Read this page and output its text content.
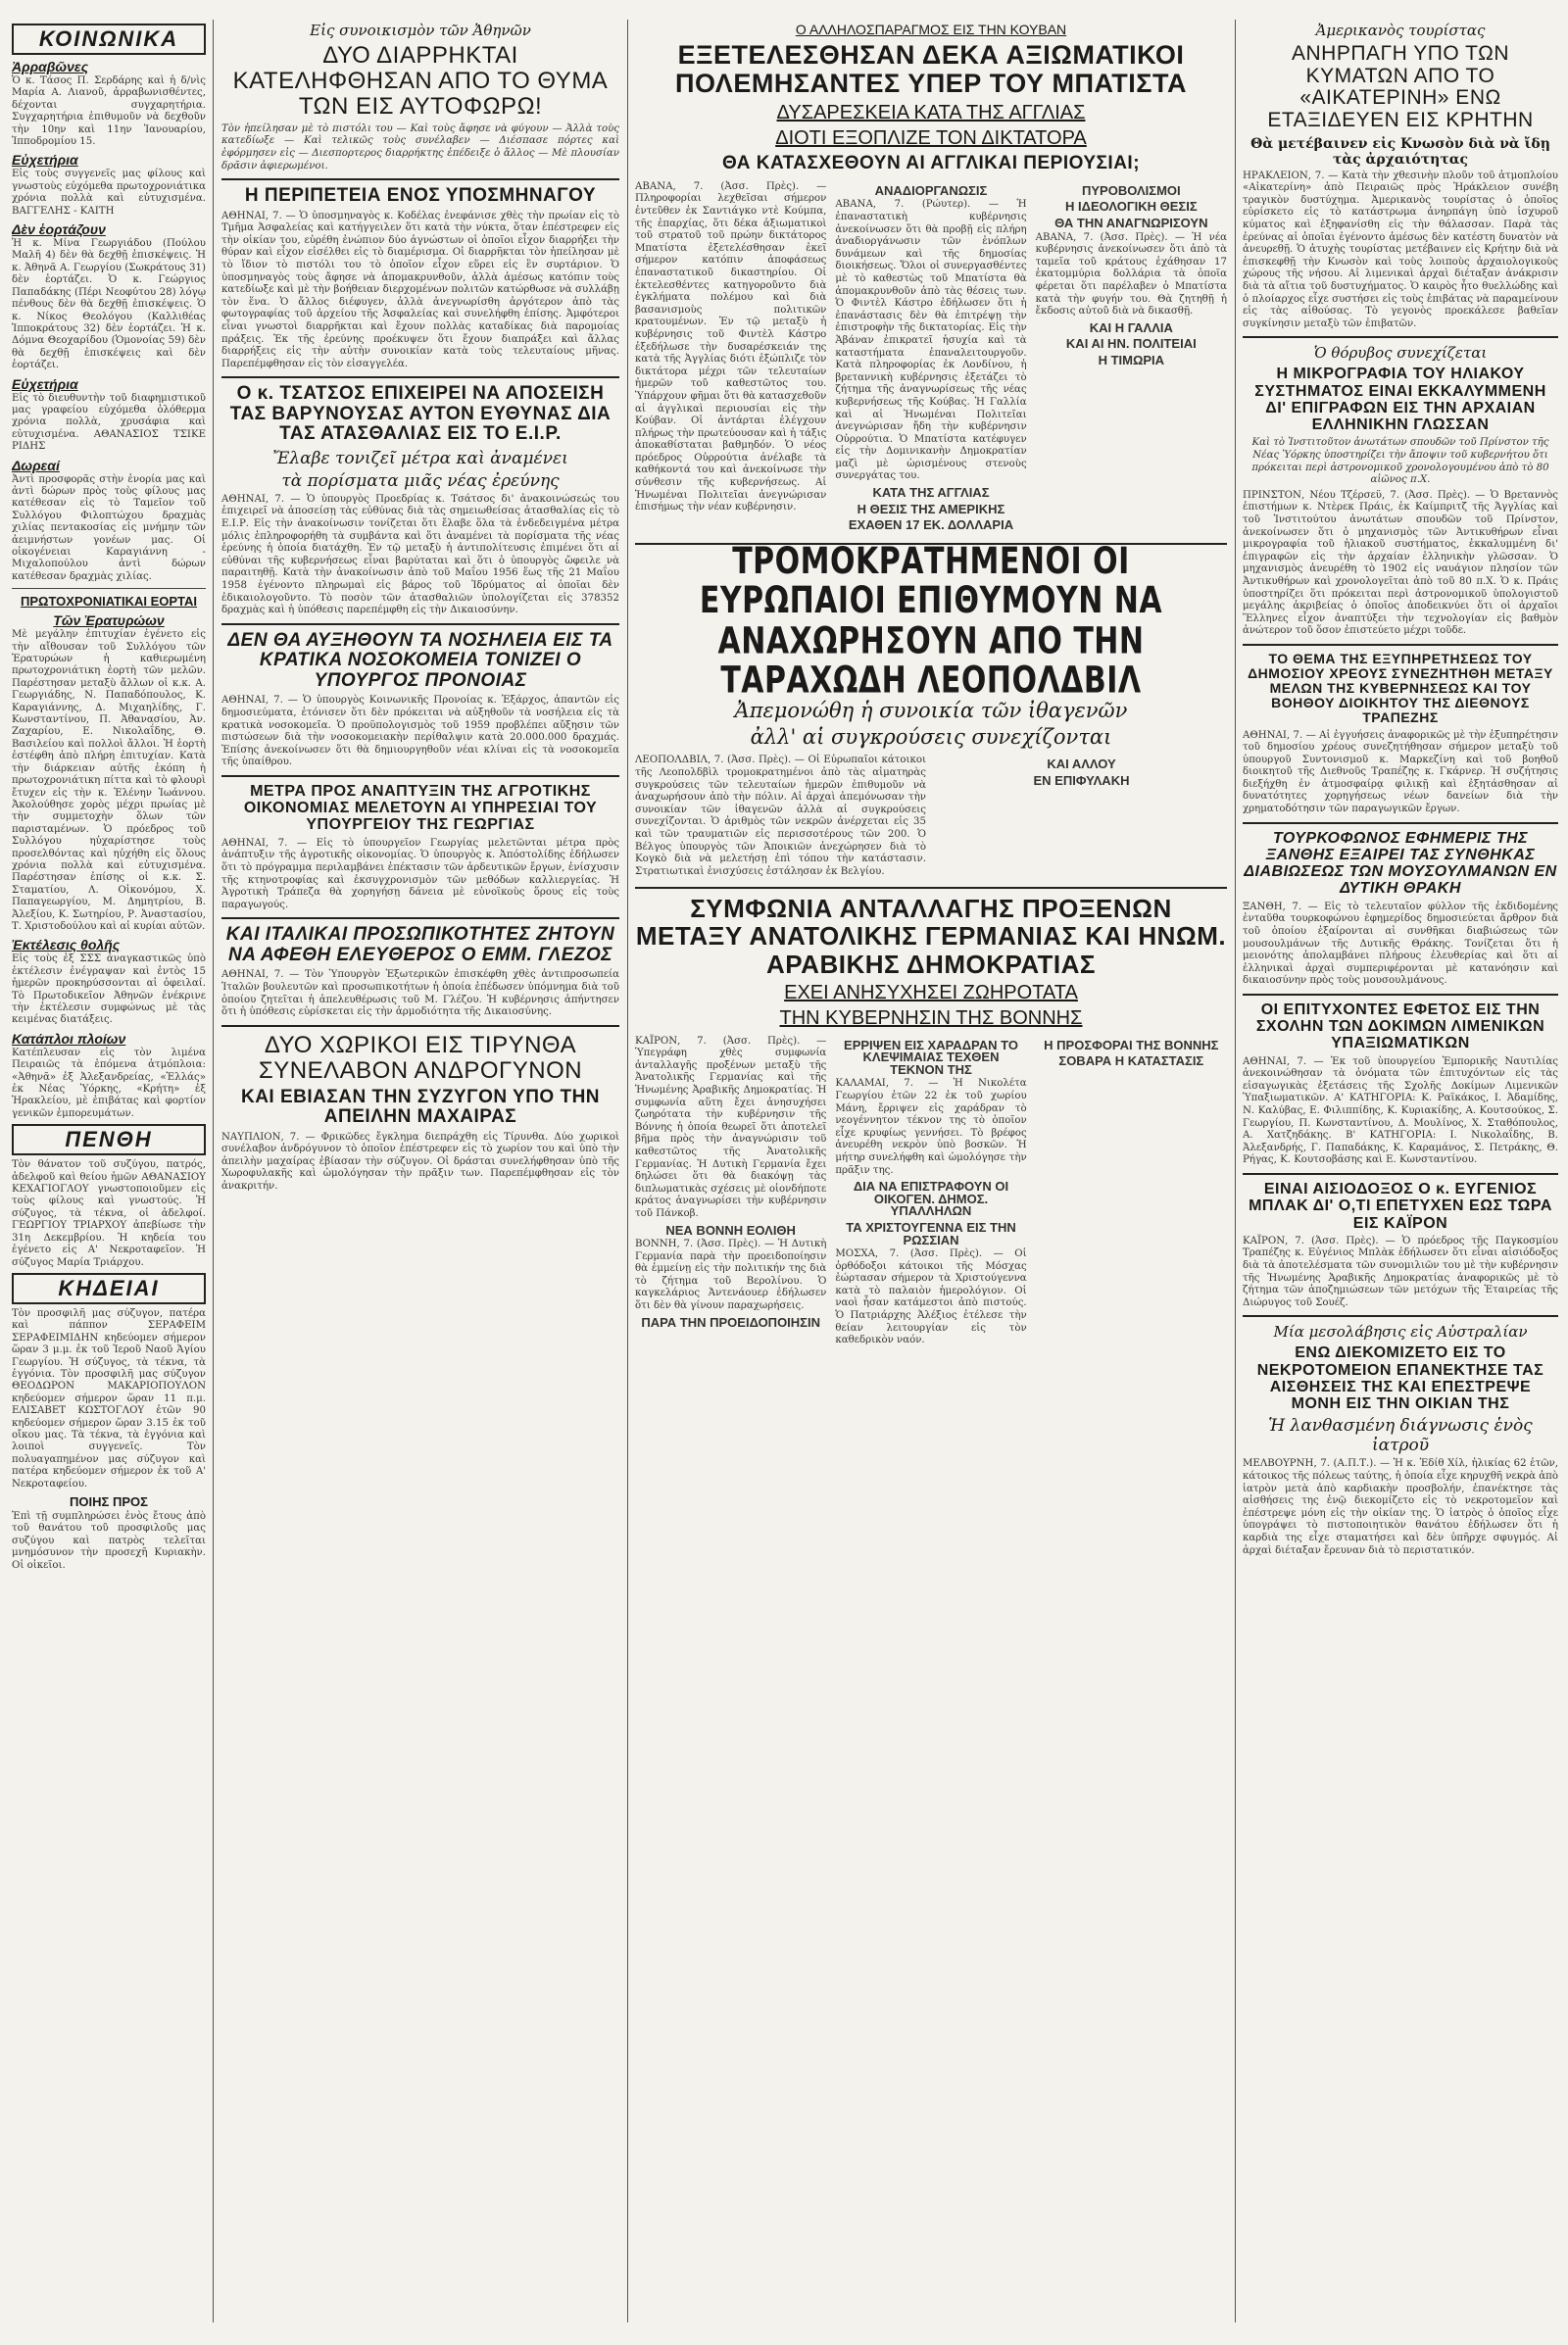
ΚΟΙΝΩΝΙΚΑ
Ἀρραβῶνες
Ὁ κ. Τάσος Π. Σερδάρης καὶ ἡ δ/νὶς Μαρία Α. Λιανοῦ, ἀρραβωνισθέντες, δέχονται συγχαρητήρια. Συγχαρητήρια ἐπιθυμοῦν νὰ δεχθοῦν τὴν 10ην καὶ 11ην Ἰανουαρίου, Ἰπποδρομίου 15.
Εὐχετήρια
Εἰς τοὺς συγγενεῖς μας φίλους καὶ γνωστοὺς εὐχόμεθα πρωτοχρονιάτικα χρόνια πολλὰ καὶ εὐτυχισμένα. ΒΑΓΓΕΛΗΣ - ΚΑΙΤΗ
Δὲν ἑορτάζουν
Ἡ κ. Μίνα Γεωργιάδου (Πούλου Μαλῆ 4) δὲν θὰ δεχθῇ ἐπισκέψεις. Ἡ κ. Ἀθηνᾶ Α. Γεωργίου (Σωκράτους 31) δὲν ἑορτάζει. Ὁ κ. Γεώργιος Παπαδάκης (Πέρι Νεοφύτου 28) λόγῳ πένθους δὲν θὰ δεχθῇ ἐπισκέψεις. Ὁ κ. Νίκος Θεολόγου (Καλλιθέας Ἱπποκράτους 32) δὲν ἑορτάζει. Ἡ κ. Δόμνα Θεοχαρίδου (Ὁμονοίας 59) δὲν θὰ δεχθῇ ἐπισκέψεις καὶ δὲν ἑορτάζει.
Εὐχετήρια
Εἰς τὸ διευθυντὴν τοῦ διαφημιστικοῦ μας γραφείου εὐχόμεθα ὁλόθερμα χρόνια πολλὰ, χρυσάφια καὶ εὐτυχισμένα. ΑΘΑΝΑΣΙΟΣ ΤΣΙΚΕ ΡΙΔΗΣ
Δωρεαί
Ἀντὶ προσφορᾶς στὴν ἐνορία μας καὶ ἀντὶ δώρων πρὸς τοὺς φίλους μας κατέθεσαν εἰς τὸ Ταμεῖον τοῦ Συλλόγου Φιλοπτώχου δραχμὰς χιλίας πεντακοσίας εἰς μνήμην τῶν ἀειμνήστων γονέων μας. Οἱ οἰκογένειαι Καραγιάννη - Μιχαλοπούλου ἀντὶ δώρων κατέθεσαν δραχμὰς χιλίας.
ΠΡΩΤΟΧΡΟΝΙΑΤΙΚΑΙ ΕΟΡΤΑΙ
Τῶν Ἐρατυρώων
Μὲ μεγάλην ἐπιτυχίαν ἐγένετο εἰς τὴν αἴθουσαν τοῦ Συλλόγου τῶν Ἐρατυρώων ἡ καθιερωμένη πρωτοχρονιάτικη ἑορτὴ τῶν μελῶν. Παρέστησαν μεταξὺ ἄλλων οἱ κ.κ. Α. Γεωργιάδης, Ν. Παπαδόπουλος, Κ. Καραγιάννης, Δ. Μιχαηλίδης, Γ. Κωνσταντίνου, Π. Ἀθανασίου, Ἀν. Ζαχαρίου, Ε. Νικολαΐδης, Θ. Βασιλείου καὶ πολλοὶ ἄλλοι. Ἡ ἑορτὴ ἐστέφθη ἀπὸ πλήρη ἐπιτυχίαν. Κατὰ τὴν διάρκειαν αὐτῆς ἐκόπη ἡ πρωτοχρονιάτικη πίττα καὶ τὸ φλουρὶ ἔτυχεν εἰς τὴν κ. Ἑλένην Ἰωάννου. Ἀκολούθησε χορὸς μέχρι πρωίας μὲ τὴν συμμετοχὴν ὅλων τῶν παρισταμένων. Ὁ πρόεδρος τοῦ Συλλόγου ηὐχαρίστησε τοὺς προσελθόντας καὶ ηὐχήθη εἰς ὅλους χρόνια πολλὰ καὶ εὐτυχισμένα. Παρέστησαν ἐπίσης οἱ κ.κ. Σ. Σταματίου, Λ. Οἰκονόμου, Χ. Παπαγεωργίου, Μ. Δημητρίου, Β. Ἀλεξίου, Κ. Σωτηρίου, Ρ. Ἀναστασίου, Τ. Χριστοδούλου καὶ αἱ κυρίαι αὐτῶν.
Ἐκτέλεσις θολῆς
Εἰς τοὺς ἐξ ΣΣΣ ἀναγκαστικῶς ὑπὸ ἐκτέλεσιν ἐνέγραψαν καὶ ἐντὸς 15 ἡμερῶν προκηρύσσονται αἱ ὀφειλαί. Τὸ Πρωτοδικεῖον Ἀθηνῶν ἐνέκρινε τὴν ἐκτέλεσιν συμφώνως μὲ τὰς κειμένας διατάξεις.
Κατάπλοι πλοίων
Κατέπλευσαν εἰς τὸν λιμένα Πειραιῶς τὰ ἑπόμενα ἀτμόπλοια: «Ἀθηνᾶ» ἐξ Ἀλεξανδρείας, «Ἑλλάς» ἐκ Νέας Ὑόρκης, «Κρήτη» ἐξ Ἡρακλείου, μὲ ἐπιβάτας καὶ φορτίον γενικῶν ἐμπορευμάτων.
ΠΕΝΘΗ
Τὸν θάνατον τοῦ συζύγου, πατρός, ἀδελφοῦ καὶ θείου ἡμῶν ΑΘΑΝΑΣΙΟΥ ΚΕΧΑΓΙΟΓΛΟΥ γνωστοποιοῦμεν εἰς τοὺς φίλους καὶ γνωστούς. Ἡ σύζυγος, τὰ τέκνα, οἱ ἀδελφοί. ΓΕΩΡΓΙΟΥ ΤΡΙΑΡΧΟΥ ἀπεβίωσε τὴν 31η Δεκεμβρίου. Ἡ κηδεία του ἐγένετο εἰς Α' Νεκροταφεῖον. Ἡ σύζυγος Μαρία Τριάρχου.
ΚΗΔΕΙΑΙ
Τὸν προσφιλῆ μας σύζυγον, πατέρα καὶ πάππον ΣΕΡΑΦΕΙΜ ΣΕΡΑΦΕΙΜΙΔΗΝ κηδεύομεν σήμερον ὥραν 3 μ.μ. ἐκ τοῦ Ἱεροῦ Ναοῦ Ἁγίου Γεωργίου. Ἡ σύζυγος, τὰ τέκνα, τὰ ἐγγόνια. Τὸν προσφιλῆ μας σύζυγον ΘΕΟΔΩΡΟΝ ΜΑΚΑΡΙΟΠΟΥΛΟΝ κηδεύομεν σήμερον ὥραν 11 π.μ. ΕΛΙΣΑΒΕΤ ΚΩΣΤΟΓΛΟΥ ἐτῶν 90 κηδεύομεν σήμερον ὥραν 3.15 ἐκ τοῦ οἴκου μας. Τὰ τέκνα, τὰ ἐγγόνια καὶ λοιποὶ συγγενεῖς. Τὸν πολυαγαπημένον μας σύζυγον καὶ πατέρα κηδεύομεν σήμερον ἐκ τοῦ Α' Νεκροταφείου.
ΠΟΙΗΣ ΠΡΟΣ
Ἐπὶ τῇ συμπληρώσει ἑνὸς ἔτους ἀπὸ τοῦ θανάτου τοῦ προσφιλοῦς μας συζύγου καὶ πατρὸς τελεῖται μνημόσυνον τὴν προσεχῆ Κυριακὴν. Οἱ οἰκεῖοι.
Εἰς συνοικισμὸν τῶν Ἀθηνῶν
ΔΥΟ ΔΙΑΡΡΗΚΤΑΙ ΚΑΤΕΛΗΦΘΗΣΑΝ ΑΠΟ ΤΟ ΘΥΜΑ ΤΩΝ ΕΙΣ ΑΥΤΟΦΩΡΩ!
Τὸν ἠπείλησαν μὲ τὸ πιστόλι του — Καὶ τοὺς ἄφησε νὰ φύγουν — Ἀλλὰ τοὺς κατεδίωξε — Καὶ τελικῶς τοὺς συνέλαβεν — Διέσπασε πόρτες καὶ ἐφόρμησεν εἰς — Διεσπορτερος διαρρήκτης ἐπέδειξε ὁ ἄλλος — Μὲ πλουσίαν δρᾶσιν ἀφιερωμένοι.
Η ΠΕΡΙΠΕΤΕΙΑ ΕΝΟΣ ΥΠΟΣΜΗΝΑΓΟΥ
ΑΘΗΝΑΙ, 7. — Ὁ ὑποσμηναγὸς κ. Κοδέλας ἐνεφάνισε χθὲς τὴν πρωίαν εἰς τὸ Τμῆμα Ἀσφαλείας καὶ κατήγγειλεν ὅτι κατὰ τὴν νύκτα, ὅταν ἐπέστρεφεν εἰς τὴν οἰκίαν του, εὑρέθη ἐνώπιον δύο ἀγνώστων οἱ ὁποῖοι εἶχον διαρρήξει τὴν θύραν καὶ εἶχον εἰσέλθει εἰς τὸ διαμέρισμα. Οἱ διαρρῆκται τὸν ἠπείλησαν μὲ τὸ ἴδιον τὸ πιστόλι του τὸ ὁποῖον εἶχον εὕρει εἰς ἓν συρτάριον. Ὁ ὑποσμηναγὸς τοὺς ἄφησε νὰ ἀπομακρυνθοῦν, ἀλλὰ ἀμέσως κατόπιν τοὺς κατεδίωξε καὶ μὲ τὴν βοήθειαν διερχομένων πολιτῶν κατώρθωσε νὰ συλλάβῃ τὸν ἕνα. Ὁ ἄλλος διέφυγεν, ἀλλὰ ἀνεγνωρίσθη ἀργότερον ἀπὸ τὰς φωτογραφίας τοῦ ἀρχείου τῆς Ἀσφαλείας καὶ συνελήφθη ἐπίσης. Ἀμφότεροι εἶναι γνωστοὶ διαρρῆκται καὶ ἔχουν πολλὰς καταδίκας διὰ παρομοίας πράξεις. Ἐκ τῆς ἐρεύνης προέκυψεν ὅτι ἔχουν διαπράξει καὶ ἄλλας διαρρήξεις εἰς τὴν αὐτὴν συνοικίαν κατὰ τοὺς τελευταίους μῆνας. Παρεπέμφθησαν εἰς τὸν εἰσαγγελέα.
Ο κ. ΤΣΑΤΣΟΣ ΕΠΙΧΕΙΡΕΙ ΝΑ ΑΠΟΣΕΙΣΗ ΤΑΣ ΒΑΡΥΝΟΥΣΑΣ ΑΥΤΟΝ ΕΥΘΥΝΑΣ ΔΙΑ ΤΑΣ ΑΤΑΣΘΑΛΙΑΣ ΕΙΣ ΤΟ Ε.Ι.Ρ.
Ἔλαβε τονιζεῖ μέτρα καὶ ἀναμένει
τὰ πορίσματα μιᾶς νέας ἐρεύνης
ΑΘΗΝΑΙ, 7. — Ὁ ὑπουργὸς Προεδρίας κ. Τσάτσος δι' ἀνακοινώσεώς του ἐπιχειρεῖ νὰ ἀποσείσῃ τὰς εὐθύνας διὰ τὰς σημειωθείσας ἀτασθαλίας εἰς τὸ Ε.Ι.Ρ. Εἰς τὴν ἀνακοίνωσιν τονίζεται ὅτι ἔλαβε ὅλα τὰ ἐνδεδειγμένα μέτρα μόλις ἐπληροφορήθη τὰ συμβάντα καὶ ὅτι ἀναμένει τὰ πορίσματα τῆς νέας ἐρεύνης ἡ ὁποία διατάχθη. Ἐν τῷ μεταξὺ ἡ ἀντιπολίτευσις ἐπιμένει ὅτι αἱ εὐθύναι τῆς κυβερνήσεως εἶναι βαρύταται καὶ ὅτι ὁ ὑπουργὸς ὤφειλε νὰ παραιτηθῇ. Κατὰ τὴν ἀνακοίνωσιν ἀπὸ τοῦ Μαΐου 1956 ἕως τῆς 21 Μαΐου 1958 ἐγένοντο πληρωμαὶ εἰς βάρος τοῦ Ἱδρύματος αἱ ὁποῖαι δὲν ἐδικαιολογοῦντο. Τὸ ποσὸν τῶν ἀτασθαλιῶν ὑπολογίζεται εἰς 378352 δραχμὰς καὶ ἡ ὑπόθεσις παρεπέμφθη εἰς τὴν Δικαιοσύνην.
ΔΕΝ ΘΑ ΑΥΞΗΘΟΥΝ ΤΑ ΝΟΣΗΛΕΙΑ ΕΙΣ ΤΑ ΚΡΑΤΙΚΑ ΝΟΣΟΚΟΜΕΙΑ ΤΟΝΙΖΕΙ Ο ΥΠΟΥΡΓΟΣ ΠΡΟΝΟΙΑΣ
ΑΘΗΝΑΙ, 7. — Ὁ ὑπουργὸς Κοινωνικῆς Προνοίας κ. Ἐξάρχος, ἀπαντῶν εἰς δημοσιεύματα, ἐτόνισεν ὅτι δὲν πρόκειται νὰ αὐξηθοῦν τὰ νοσήλεια εἰς τὰ κρατικὰ νοσοκομεῖα. Ὁ προϋπολογισμὸς τοῦ 1959 προβλέπει αὔξησιν τῶν πιστώσεων διὰ τὴν νοσοκομειακὴν περίθαλψιν κατὰ 20.000.000 δραχμάς. Ἐπίσης ἀνεκοίνωσεν ὅτι θὰ δημιουργηθοῦν νέαι κλίναι εἰς τὰ νοσοκομεῖα τῆς ὑπαίθρου.
ΜΕΤΡΑ ΠΡΟΣ ΑΝΑΠΤΥΞΙΝ ΤΗΣ ΑΓΡΟΤΙΚΗΣ ΟΙΚΟΝΟΜΙΑΣ ΜΕΛΕΤΟΥΝ ΑΙ ΥΠΗΡΕΣΙΑΙ ΤΟΥ ΥΠΟΥΡΓΕΙΟΥ ΤΗΣ ΓΕΩΡΓΙΑΣ
ΑΘΗΝΑΙ, 7. — Εἰς τὸ ὑπουργεῖον Γεωργίας μελετῶνται μέτρα πρὸς ἀνάπτυξιν τῆς ἀγροτικῆς οἰκονομίας. Ὁ ὑπουργὸς κ. Ἀπόστολίδης ἐδήλωσεν ὅτι τὸ πρόγραμμα περιλαμβάνει ἐπέκτασιν τῶν ἀρδευτικῶν ἔργων, ἐνίσχυσιν τῆς κτηνοτροφίας καὶ ἐκσυγχρονισμὸν τῶν μεθόδων καλλιεργείας. Ἡ Ἀγροτικὴ Τράπεζα θὰ χορηγήσῃ δάνεια μὲ εὐνοϊκοὺς ὅρους εἰς τοὺς παραγωγούς.
ΚΑΙ ΙΤΑΛΙΚΑΙ ΠΡΟΣΩΠΙΚΟΤΗΤΕΣ ΖΗΤΟΥΝ ΝΑ ΑΦΕΘΗ ΕΛΕΥΘΕΡΟΣ Ο ΕΜΜ. ΓΛΕΖΟΣ
ΑΘΗΝΑΙ, 7. — Τὸν Ὑπουργὸν Ἐξωτερικῶν ἐπισκέφθη χθὲς ἀντιπροσωπεία Ἰταλῶν βουλευτῶν καὶ προσωπικοτήτων ἡ ὁποία ἐπέδωσεν ὑπόμνημα διὰ τοῦ ὁποίου ζητεῖται ἡ ἀπελευθέρωσις τοῦ Μ. Γλέζου. Ἡ κυβέρνησις ἀπήντησεν ὅτι ἡ ὑπόθεσις εὑρίσκεται εἰς τὴν ἁρμοδιότητα τῆς Δικαιοσύνης.
ΔΥΟ ΧΩΡΙΚΟΙ ΕΙΣ ΤΙΡΥΝΘΑ ΣΥΝΕΛΑΒΟΝ ΑΝΔΡΟΓΥΝΟΝ
ΚΑΙ ΕΒΙΑΣΑΝ ΤΗΝ ΣΥΖΥΓΟΝ ΥΠΟ ΤΗΝ ΑΠΕΙΛΗΝ ΜΑΧΑΙΡΑΣ
ΝΑΥΠΛΙΟΝ, 7. — Φρικῶδες ἔγκλημα διεπράχθη εἰς Τίρυνθα. Δύο χωρικοὶ συνέλαβον ἀνδρόγυνον τὸ ὁποῖον ἐπέστρεφεν εἰς τὸ χωρίον του καὶ ὑπὸ τὴν ἀπειλὴν μαχαίρας ἐβίασαν τὴν σύζυγον. Οἱ δράσται συνελήφθησαν ὑπὸ τῆς Χωροφυλακῆς καὶ ὡμολόγησαν τὴν πρᾶξιν των. Παρεπέμφθησαν εἰς τὸν ἀνακριτήν.
Ο ΑΛΛΗΛΟΣΠΑΡΑΓΜΟΣ ΕΙΣ ΤΗΝ ΚΟΥΒΑΝ
ΕΞΕΤΕΛΕΣΘΗΣΑΝ ΔΕΚΑ ΑΞΙΩΜΑΤΙΚΟΙ ΠΟΛΕΜΗΣΑΝΤΕΣ ΥΠΕΡ ΤΟΥ ΜΠΑΤΙΣΤΑ
ΔΥΣΑΡΕΣΚΕΙΑ ΚΑΤΑ ΤΗΣ ΑΓΓΛΙΑΣ
ΔΙΟΤΙ ΕΞΟΠΛΙΖΕ ΤΟΝ ΔΙΚΤΑΤΟΡΑ
ΘΑ ΚΑΤΑΣΧΕΘΟΥΝ ΑΙ ΑΓΓΛΙΚΑΙ ΠΕΡΙΟΥΣΙΑΙ;
ΑΒΑΝΑ, 7. (Ἀσσ. Πρὲς). — Πληροφορίαι λεχθεῖσαι σήμερον ἐντεῦθεν ἐκ Σαντιάγκο ντὲ Κούμπα, τῆς ἐπαρχίας, ὅτι δέκα ἀξιωματικοὶ τοῦ στρατοῦ τοῦ πρώην δικτάτορος Μπατίστα ἐξετελέσθησαν ἐκεῖ σήμερον κατόπιν ἀποφάσεως ἐπαναστατικοῦ δικαστηρίου. Οἱ ἐκτελεσθέντες κατηγοροῦντο διὰ ἐγκλήματα πολέμου καὶ διὰ βασανισμοὺς πολιτικῶν κρατουμένων. Ἐν τῷ μεταξὺ ἡ κυβέρνησις τοῦ Φιντὲλ Κάστρο ἐξεδήλωσε τὴν δυσαρέσκειάν της κατὰ τῆς Ἀγγλίας διότι ἐξώπλιζε τὸν δικτάτορα μέχρι τῶν τελευταίων ἡμερῶν τοῦ καθεστῶτος του. Ὑπάρχουν φῆμαι ὅτι θὰ κατασχεθοῦν αἱ ἀγγλικαὶ περιουσίαι εἰς τὴν Κούβαν. Οἱ ἀντάρται ἐλέγχουν πλήρως τὴν πρωτεύουσαν καὶ ἡ τάξις ἀποκαθίσταται βαθμηδόν. Ὁ νέος πρόεδρος Οὐρρούτια ἀνέλαβε τὰ καθήκοντά του καὶ ἀνεκοίνωσε τὴν σύνθεσιν τῆς κυβερνήσεως. Αἱ Ἡνωμέναι Πολιτεῖαι ἀνεγνώρισαν ἐπισήμως τὴν νέαν κυβέρνησιν.
ΑΝΑΔΙΟΡΓΑΝΩΣΙΣ
ΑΒΑΝΑ, 7. (Ρώυτερ). — Ἡ ἐπαναστατικὴ κυβέρνησις ἀνεκοίνωσεν ὅτι θὰ προβῇ εἰς πλήρη ἀναδιοργάνωσιν τῶν ἐνόπλων δυνάμεων καὶ τῆς δημοσίας διοικήσεως. Ὅλοι οἱ συνεργασθέντες μὲ τὸ καθεστὼς τοῦ Μπατίστα θὰ ἀπομακρυνθοῦν ἀπὸ τὰς θέσεις των. Ὁ Φιντὲλ Κάστρο ἐδήλωσεν ὅτι ἡ ἐπανάστασις δὲν θὰ ἐπιτρέψῃ τὴν ἐπιστροφὴν τῆς δικτατορίας. Εἰς τὴν Ἁβάναν ἐπικρατεῖ ἡσυχία καὶ τὰ καταστήματα ἐπαναλειτουργοῦν. Κατὰ πληροφορίας ἐκ Λονδίνου, ἡ βρεταννικὴ κυβέρνησις ἐξετάζει τὸ ζήτημα τῆς ἀναγνωρίσεως τῆς νέας κυβερνήσεως τῆς Κούβας. Ἡ Γαλλία καὶ αἱ Ἡνωμέναι Πολιτεῖαι ἀνεγνώρισαν ἤδη τὴν κυβέρνησιν Οὐρρούτια. Ὁ Μπατίστα κατέφυγεν εἰς τὴν Δομινικανὴν Δημοκρατίαν μαζὶ μὲ ὡρισμένους στενοὺς συνεργάτας του.
ΚΑΤΑ ΤΗΣ ΑΓΓΛΙΑΣ
Η ΘΕΣΙΣ ΤΗΣ ΑΜΕΡΙΚΗΣ
ΕΧΑΘΕΝ 17 ΕΚ. ΔΟΛΛΑΡΙΑ
ΠΥΡΟΒΟΛΙΣΜΟΙ
Η ΙΔΕΟΛΟΓΙΚΗ ΘΕΣΙΣ
ΘΑ ΤΗΝ ΑΝΑΓΝΩΡΙΣΟΥΝ
ΑΒΑΝΑ, 7. (Ἀσσ. Πρὲς). — Ἡ νέα κυβέρνησις ἀνεκοίνωσεν ὅτι ἀπὸ τὰ ταμεῖα τοῦ κράτους ἐχάθησαν 17 ἑκατομμύρια δολλάρια τὰ ὁποῖα φέρεται ὅτι παρέλαβεν ὁ Μπατίστα κατὰ τὴν φυγήν του. Θὰ ζητηθῇ ἡ ἔκδοσις αὐτοῦ διὰ νὰ δικασθῇ.
ΚΑΙ Η ΓΑΛΛΙΑ
ΚΑΙ ΑΙ ΗΝ. ΠΟΛΙΤΕΙΑΙ
Η ΤΙΜΩΡΙΑ
ΤΡΟΜΟΚΡΑΤΗΜΕΝΟΙ ΟΙ ΕΥΡΩΠΑΙΟΙ ΕΠΙΘΥΜΟΥΝ ΝΑ ΑΝΑΧΩΡΗΣΟΥΝ ΑΠΟ ΤΗΝ ΤΑΡΑΧΩΔΗ ΛΕΟΠΟΛΔΒΙΛ
Ἀπεμονώθη ἡ συνοικία τῶν ἰθαγενῶν
ἀλλ' αἱ συγκρούσεις συνεχίζονται
ΛΕΟΠΟΛΔΒΙΛ, 7. (Ἀσσ. Πρὲς). — Οἱ Εὐρωπαῖοι κάτοικοι τῆς Λεοπολδβὶλ τρομοκρατημένοι ἀπὸ τὰς αἱματηρὰς συγκρούσεις τῶν τελευταίων ἡμερῶν ἐπιθυμοῦν νὰ ἀναχωρήσουν ἀπὸ τὴν πόλιν. Αἱ ἀρχαὶ ἀπεμόνωσαν τὴν συνοικίαν τῶν ἰθαγενῶν ἀλλὰ αἱ συγκρούσεις συνεχίζονται. Ὁ ἀριθμὸς τῶν νεκρῶν ἀνέρχεται εἰς 35 καὶ τῶν τραυματιῶν εἰς περισσοτέρους τῶν 200. Ὁ Βέλγος ὑπουργὸς τῶν Ἀποικιῶν ἀνεχώρησεν διὰ τὸ Κογκὸ διὰ νὰ μελετήσῃ ἐπὶ τόπου τὴν κατάστασιν. Στρατιωτικαὶ ἐνισχύσεις ἐστάλησαν ἐκ Βελγίου.
ΚΑΙ ΑΛΛΟΥ
ΕΝ ΕΠΙΦΥΛΑΚΗ
ΣΥΜΦΩΝΙΑ ΑΝΤΑΛΛΑΓΗΣ ΠΡΟΞΕΝΩΝ ΜΕΤΑΞΥ ΑΝΑΤΟΛΙΚΗΣ ΓΕΡΜΑΝΙΑΣ ΚΑΙ ΗΝΩΜ. ΑΡΑΒΙΚΗΣ ΔΗΜΟΚΡΑΤΙΑΣ
ΕΧΕΙ ΑΝΗΣΥΧΗΣΕΙ ΖΩΗΡΟΤΑΤΑ
ΤΗΝ ΚΥΒΕΡΝΗΣΙΝ ΤΗΣ ΒΟΝΝΗΣ
ΚΑΪΡΟΝ, 7. (Ἀσσ. Πρὲς). — Ὑπεγράφη χθὲς συμφωνία ἀνταλλαγῆς προξένων μεταξὺ τῆς Ἀνατολικῆς Γερμανίας καὶ τῆς Ἡνωμένης Ἀραβικῆς Δημοκρατίας. Ἡ συμφωνία αὕτη ἔχει ἀνησυχήσει ζωηρότατα τὴν κυβέρνησιν τῆς Βόννης ἡ ὁποία θεωρεῖ ὅτι ἀποτελεῖ βῆμα πρὸς τὴν ἀναγνώρισιν τοῦ καθεστῶτος τῆς Ἀνατολικῆς Γερμανίας. Ἡ Δυτικὴ Γερμανία ἔχει δηλώσει ὅτι θὰ διακόψῃ τὰς διπλωματικὰς σχέσεις μὲ οἱονδήποτε κράτος ἀναγνωρίσει τὴν κυβέρνησιν τοῦ Πάνκοβ.
ΝΕΑ ΒΟΝΝΗ ΕΟΛΙΘΗ
ΒΟΝΝΗ, 7. (Ἀσσ. Πρὲς). — Ἡ Δυτικὴ Γερμανία παρὰ τὴν προειδοποίησιν θὰ ἐμμείνῃ εἰς τὴν πολιτικήν της διὰ τὸ ζήτημα τοῦ Βερολίνου. Ὁ καγκελάριος Ἀντενάουερ ἐδήλωσεν ὅτι δὲν θὰ γίνουν παραχωρήσεις.
ΠΑΡΑ ΤΗΝ ΠΡΟΕΙΔΟΠΟΙΗΣΙΝ
ΕΡΡΙΨΕΝ ΕΙΣ ΧΑΡΑΔΡΑΝ ΤΟ ΚΛΕΨΙΜΑΙΑΣ ΤΕΧΘΕΝ ΤΕΚΝΟΝ ΤΗΣ
ΚΑΛΑΜΑΙ, 7. — Ἡ Νικολέτα Γεωργίου ἐτῶν 22 ἐκ τοῦ χωρίου Μάνη, ἔρριψεν εἰς χαράδραν τὸ νεογέννητον τέκνον της τὸ ὁποῖον εἶχε κρυφίως γεννήσει. Τὸ βρέφος ἀνευρέθη νεκρὸν ὑπὸ βοσκῶν. Ἡ μήτηρ συνελήφθη καὶ ὡμολόγησε τὴν πρᾶξιν της.
ΔΙΑ ΝΑ ΕΠΙΣΤΡΑΦΟΥΝ ΟΙ ΟΙΚΟΓΕΝ. ΔΗΜΟΣ. ΥΠΑΛΛΗΛΩΝ
ΤΑ ΧΡΙΣΤΟΥΓΕΝΝΑ ΕΙΣ ΤΗΝ ΡΩΣΣΙΑΝ
ΜΟΣΧΑ, 7. (Ἀσσ. Πρὲς). — Οἱ ὀρθόδοξοι κάτοικοι τῆς Μόσχας ἑώρτασαν σήμερον τὰ Χριστούγεννα κατὰ τὸ παλαιὸν ἡμερολόγιον. Οἱ ναοὶ ἦσαν κατάμεστοι ἀπὸ πιστούς. Ὁ Πατριάρχης Ἀλέξιος ἐτέλεσε τὴν θείαν λειτουργίαν εἰς τὸν καθεδρικὸν ναόν.
Η ΠΡΟΣΦΟΡΑΙ ΤΗΣ ΒΟΝΝΗΣ
ΣΟΒΑΡΑ Η ΚΑΤΑΣΤΑΣΙΣ
Ἀμερικανὸς τουρίστας
ΑΝΗΡΠΑΓΗ ΥΠΟ ΤΩΝ ΚΥΜΑΤΩΝ ΑΠΟ ΤΟ «ΑΙΚΑΤΕΡΙΝΗ» ΕΝΩ ΕΤΑΞΙΔΕΥΕΝ ΕΙΣ ΚΡΗΤΗΝ
Θὰ μετέβαινεν εἰς Κνωσὸν διὰ νὰ ἴδῃ τὰς ἀρχαιότητας
ΗΡΑΚΛΕΙΟΝ, 7. — Κατὰ τὴν χθεσινὴν πλοῦν τοῦ ἀτμοπλοίου «Αἰκατερίνη» ἀπὸ Πειραιῶς πρὸς Ἡράκλειον συνέβη τραγικὸν δυστύχημα. Ἀμερικανὸς τουρίστας ὁ ὁποῖος εὑρίσκετο εἰς τὸ κατάστρωμα ἀνηρπάγη ὑπὸ ἰσχυροῦ κύματος καὶ ἐξηφανίσθη εἰς τὴν θάλασσαν. Παρὰ τὰς ἐρεύνας αἱ ὁποῖαι ἐγένοντο ἀμέσως δὲν κατέστη δυνατὸν νὰ ἀνευρεθῇ. Ὁ ἀτυχὴς τουρίστας μετέβαινεν εἰς Κρήτην διὰ νὰ ἐπισκεφθῇ τὴν Κνωσὸν καὶ τοὺς λοιποὺς ἀρχαιολογικοὺς χώρους τῆς νήσου. Αἱ λιμενικαὶ ἀρχαὶ διέταξαν ἀνάκρισιν διὰ τὰ αἴτια τοῦ δυστυχήματος. Ὁ καιρὸς ἦτο θυελλώδης καὶ ὁ πλοίαρχος εἶχε συστήσει εἰς τοὺς ἐπιβάτας νὰ παραμείνουν εἰς τὰς αἰθούσας. Τὸ γεγονὸς προεκάλεσε βαθεῖαν συγκίνησιν μεταξὺ τῶν ἐπιβατῶν.
Ὁ θόρυβος συνεχίζεται
Η ΜΙΚΡΟΓΡΑΦΙΑ ΤΟΥ ΗΛΙΑΚΟΥ ΣΥΣΤΗΜΑΤΟΣ ΕΙΝΑΙ ΕΚΚΑΛΥΜΜΕΝΗ ΔΙ' ΕΠΙΓΡΑΦΩΝ ΕΙΣ ΤΗΝ ΑΡΧΑΙΑΝ ΕΛΛΗΝΙΚΗΝ ΓΛΩΣΣΑΝ
Καὶ τὸ Ἰνστιτοῦτον ἀνωτάτων σπουδῶν τοῦ Πρίνστον τῆς Νέας Ὑόρκης ὑποστηρίζει τὴν ἄποψιν τοῦ κυβερνήτου ὅτι πρόκειται περὶ ἀστρονομικοῦ χρονολογουμένου ἀπὸ τὸ 80 αἰῶνος π.Χ.
ΠΡΙΝΣΤΟΝ, Νέου Τζέρσεϋ, 7. (Ἀσσ. Πρὲς). — Ὁ Βρεταννὸς ἐπιστήμων κ. Ντὲρεκ Πράις, ἐκ Καίμπριτζ τῆς Ἀγγλίας καὶ τοῦ Ἰνστιτούτου ἀνωτάτων σπουδῶν τοῦ Πρίνστον, ἀνεκοίνωσεν ὅτι ὁ μηχανισμὸς τῶν Ἀντικυθήρων εἶναι μικρογραφία τοῦ ἡλιακοῦ συστήματος, ἐκκαλυμμένη δι' ἐπιγραφῶν εἰς τὴν ἀρχαίαν ἑλληνικὴν γλῶσσαν. Ὁ μηχανισμὸς ἀνευρέθη τὸ 1902 εἰς ναυάγιον πλησίον τῶν Ἀντικυθήρων καὶ χρονολογεῖται ἀπὸ τοῦ 80 π.Χ. Ὁ κ. Πράις ὑποστηρίζει ὅτι πρόκειται περὶ ἀστρονομικοῦ ὑπολογιστοῦ μεγάλης ἀκριβείας ὁ ὁποῖος ἀποδεικνύει ὅτι οἱ ἀρχαῖοι Ἕλληνες εἶχον ἀναπτύξει τὴν τεχνολογίαν εἰς βαθμὸν ἀνώτερον τοῦ ὅσον ἐπιστεύετο μέχρι τοῦδε.
ΤΟ ΘΕΜΑ ΤΗΣ ΕΞΥΠΗΡΕΤΗΣΕΩΣ ΤΟΥ ΔΗΜΟΣΙΟΥ ΧΡΕΟΥΣ ΣΥΝΕΖΗΤΗΘΗ ΜΕΤΑΞΥ ΜΕΛΩΝ ΤΗΣ ΚΥΒΕΡΝΗΣΕΩΣ ΚΑΙ ΤΟΥ ΒΟΗΘΟΥ ΔΙΟΙΚΗΤΟΥ ΤΗΣ ΔΙΕΘΝΟΥΣ ΤΡΑΠΕΖΗΣ
ΑΘΗΝΑΙ, 7. — Αἱ ἐγγυήσεις ἀναφορικῶς μὲ τὴν ἐξυπηρέτησιν τοῦ δημοσίου χρέους συνεζητήθησαν σήμερον μεταξὺ τοῦ ὑπουργοῦ Συντονισμοῦ κ. Μαρκεζίνη καὶ τοῦ βοηθοῦ διοικητοῦ τῆς Διεθνοῦς Τραπέζης κ. Γκάρνερ. Ἡ συζήτησις διεξήχθη ἐν ἀτμοσφαίρᾳ φιλικῇ καὶ ἐξητάσθησαν αἱ δυνατότητες χορηγήσεως νέων δανείων διὰ τὴν χρηματοδότησιν τῶν παραγωγικῶν ἔργων.
ΤΟΥΡΚΟΦΩΝΟΣ ΕΦΗΜΕΡΙΣ ΤΗΣ ΞΑΝΘΗΣ ΕΞΑΙΡΕΙ ΤΑΣ ΣΥΝΘΗΚΑΣ ΔΙΑΒΙΩΣΕΩΣ ΤΩΝ ΜΟΥΣΟΥΛΜΑΝΩΝ ΕΝ ΔΥΤΙΚΗ ΘΡΑΚΗ
ΞΑΝΘΗ, 7. — Εἰς τὸ τελευταῖον φύλλον τῆς ἐκδιδομένης ἐνταῦθα τουρκοφώνου ἐφημερίδος δημοσιεύεται ἄρθρον διὰ τοῦ ὁποίου ἐξαίρονται αἱ συνθῆκαι διαβιώσεως τῶν μουσουλμάνων τῆς Δυτικῆς Θράκης. Τονίζεται ὅτι ἡ μειονότης ἀπολαμβάνει πλήρους ἐλευθερίας καὶ ὅτι αἱ ἑλληνικαὶ ἀρχαὶ συμπεριφέρονται μὲ κατανόησιν καὶ δικαιοσύνην πρὸς τοὺς μουσουλμάνους.
ΟΙ ΕΠΙΤΥΧΟΝΤΕΣ ΕΦΕΤΟΣ ΕΙΣ ΤΗΝ ΣΧΟΛΗΝ ΤΩΝ ΔΟΚΙΜΩΝ ΛΙΜΕΝΙΚΩΝ ΥΠΑΞΙΩΜΑΤΙΚΩΝ
ΑΘΗΝΑΙ, 7. — Ἐκ τοῦ ὑπουργείου Ἐμπορικῆς Ναυτιλίας ἀνεκοινώθησαν τὰ ὀνόματα τῶν ἐπιτυχόντων εἰς τὰς εἰσαγωγικὰς ἐξετάσεις τῆς Σχολῆς Δοκίμων Λιμενικῶν Ὑπαξιωματικῶν. Α' ΚΑΤΗΓΟΡΙΑ: Κ. Ραϊκάκος, Ι. Ἀδαμίδης, Ν. Καλύβας, Ε. Φιλιππίδης, Κ. Κυριακίδης, Α. Κουτσούκος, Σ. Γεωργίου, Π. Κωνσταντίνου, Δ. Μουλίνος, Χ. Σταθόπουλος, Α. Χατζηδάκης. Β' ΚΑΤΗΓΟΡΙΑ: Ι. Νικολαΐδης, Β. Ἀλεξανδρής, Γ. Παπαδάκης, Κ. Καραμάνος, Σ. Πετράκης, Θ. Ρήγας, Κ. Κουτσοβάσης καὶ Ε. Κωνσταντίνου.
ΕΙΝΑΙ ΑΙΣΙΟΔΟΞΟΣ Ο κ. ΕΥΓΕΝΙΟΣ ΜΠΛΑΚ ΔΙ' Ο,ΤΙ ΕΠΕΤΥΧΕΝ ΕΩΣ ΤΩΡΑ ΕΙΣ ΚΑΪΡΟΝ
ΚΑΪΡΟΝ, 7. (Ἀσσ. Πρὲς). — Ὁ πρόεδρος τῆς Παγκοσμίου Τραπέζης κ. Εὐγένιος Μπλὰκ ἐδήλωσεν ὅτι εἶναι αἰσιόδοξος διὰ τὰ ἀποτελέσματα τῶν συνομιλιῶν του μὲ τὴν κυβέρνησιν τῆς Ἡνωμένης Ἀραβικῆς Δημοκρατίας ἀναφορικῶς μὲ τὸ ζήτημα τῶν ἀποζημιώσεων τῶν μετόχων τῆς Ἑταιρείας τῆς Διώρυγος τοῦ Σουέζ.
Μία μεσολάβησις εἰς Αὐστραλίαν
ΕΝΩ ΔΙΕΚΟΜΙΖΕΤΟ ΕΙΣ ΤΟ ΝΕΚΡΟΤΟΜΕΙΟΝ ΕΠΑΝΕΚΤΗΣΕ ΤΑΣ ΑΙΣΘΗΣΕΙΣ ΤΗΣ ΚΑΙ ΕΠΕΣΤΡΕΨΕ ΜΟΝΗ ΕΙΣ ΤΗΝ ΟΙΚΙΑΝ ΤΗΣ
Ἡ λανθασμένη διάγνωσις ἑνὸς ἰατροῦ
ΜΕΛΒΟΥΡΝΗ, 7. (Α.Π.Τ.). — Ἡ κ. Ἐδίθ Χίλ, ἡλικίας 62 ἐτῶν, κάτοικος τῆς πόλεως ταύτης, ἡ ὁποία εἶχε κηρυχθῆ νεκρὰ ἀπὸ ἰατρὸν μετὰ ἀπὸ καρδιακὴν προσβολήν, ἐπανέκτησε τὰς αἰσθήσεις της ἐνῷ διεκομίζετο εἰς τὸ νεκροτομεῖον καὶ ἐπέστρεψε μόνη εἰς τὴν οἰκίαν της. Ὁ ἰατρὸς ὁ ὁποῖος εἶχε ὑπογράψει τὸ πιστοποιητικὸν θανάτου ἐδήλωσεν ὅτι ἡ καρδιὰ της εἶχε σταματήσει καὶ δὲν ὑπῆρχε σφυγμός. Αἱ ἀρχαὶ διέταξαν ἔρευναν διὰ τὸ περιστατικόν.
